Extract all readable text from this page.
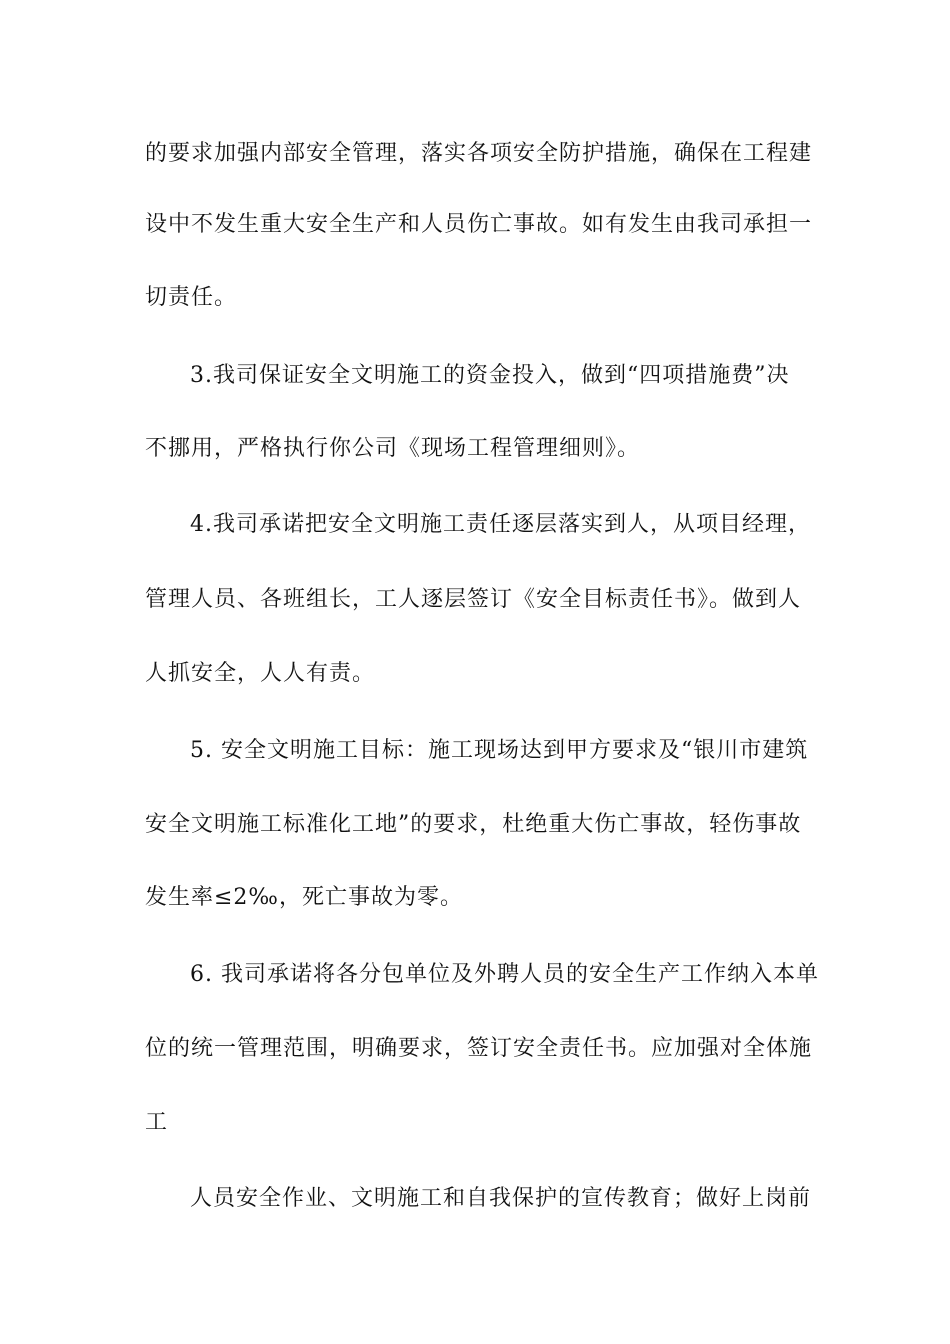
的要求加强内部安全管理，落实各项安全防护措施，确保在工程建
设中不发生重大安全生产和人员伤亡事故。如有发生由我司承担一
切责任。
3.我司保证安全文明施工的资金投入，做到“四项措施费”决
不挪用，严格执行你公司《现场工程管理细则》。
4.我司承诺把安全文明施工责任逐层落实到人，从项目经理，
管理人员、各班组长，工人逐层签订《安全目标责任书》。做到人
人抓安全，人人有责。
5. 安全文明施工目标：施工现场达到甲方要求及“银川市建筑
安全文明施工标准化工地”的要求，杜绝重大伤亡事故，轻伤事故
发生率≤2‰，死亡事故为零。
6. 我司承诺将各分包单位及外聘人员的安全生产工作纳入本单
位的统一管理范围，明确要求，签订安全责任书。应加强对全体施
工
人员安全作业、文明施工和自我保护的宣传教育；做好上岗前
